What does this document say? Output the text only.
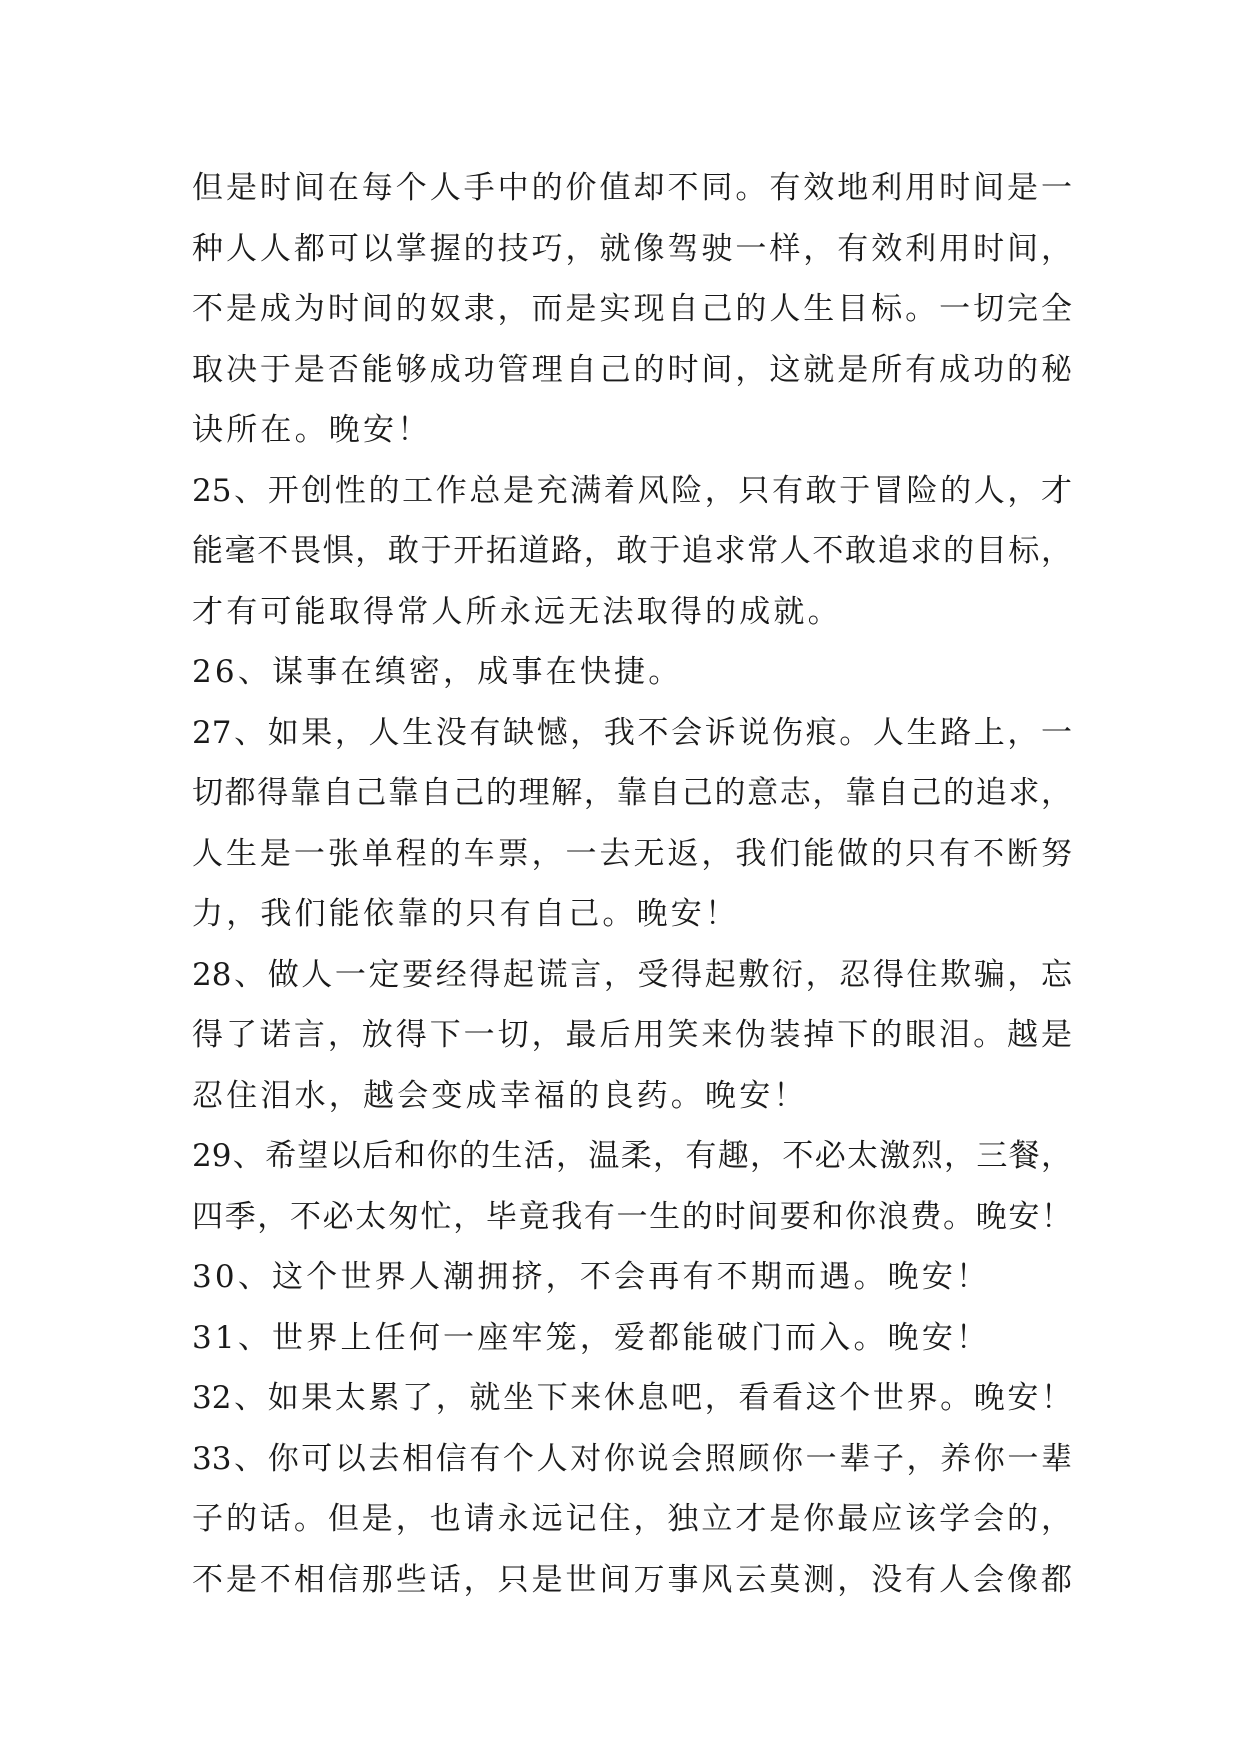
但是时间在每个人手中的价值却不同。有效地利用时间是一
种人人都可以掌握的技巧，就像驾驶一样，有效利用时间，
不是成为时间的奴隶，而是实现自己的人生目标。一切完全
取决于是否能够成功管理自己的时间，这就是所有成功的秘
诀所在。晚安！
25、开创性的工作总是充满着风险，只有敢于冒险的人，才
能毫不畏惧，敢于开拓道路，敢于追求常人不敢追求的目标，
才有可能取得常人所永远无法取得的成就。
26、谋事在缜密，成事在快捷。
27、如果，人生没有缺憾，我不会诉说伤痕。人生路上，一
切都得靠自己靠自己的理解，靠自己的意志，靠自己的追求，
人生是一张单程的车票，一去无返，我们能做的只有不断努
力，我们能依靠的只有自己。晚安！
28、做人一定要经得起谎言，受得起敷衍，忍得住欺骗，忘
得了诺言，放得下一切，最后用笑来伪装掉下的眼泪。越是
忍住泪水，越会变成幸福的良药。晚安！
29、希望以后和你的生活，温柔，有趣，不必太激烈，三餐，
四季，不必太匆忙，毕竟我有一生的时间要和你浪费。晚安！
30、这个世界人潮拥挤，不会再有不期而遇。晚安！
31、世界上任何一座牢笼，爱都能破门而入。晚安！
32、如果太累了，就坐下来休息吧，看看这个世界。晚安！
33、你可以去相信有个人对你说会照顾你一辈子，养你一辈
子的话。但是，也请永远记住，独立才是你最应该学会的，
不是不相信那些话，只是世间万事风云莫测，没有人会像都
